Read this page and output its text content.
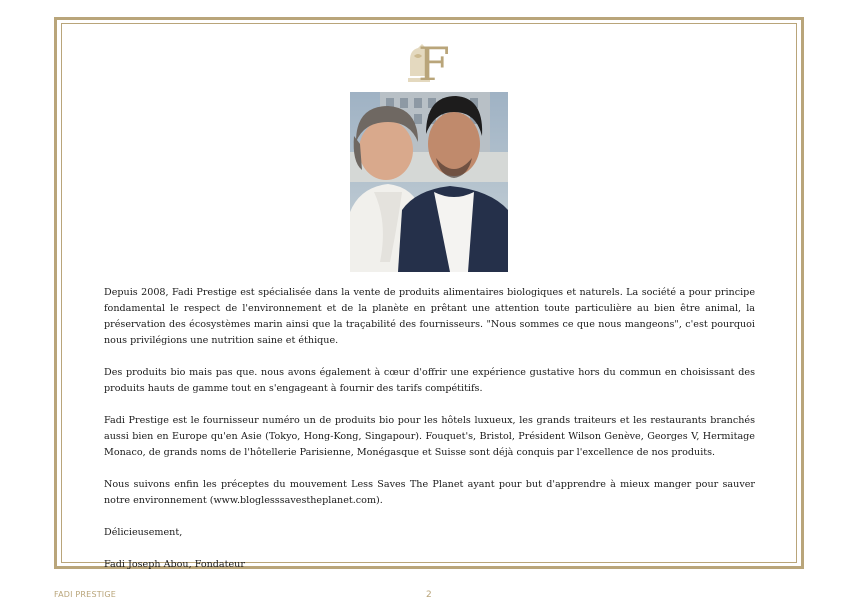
F

Depuis 2008, Fadi Prestige est spécialisée dans la vente de produits alimentaires biologiques et naturels. La société a pour principe fondamental le respect de l'environnement et de la planète en prêtant une attention toute particulière au bien être animal, la préservation des écosystèmes marin ainsi que la traçabilité des fournisseurs. "Nous sommes ce que nous mangeons", c'est pourquoi nous privilégions une nutrition saine et éthique.

Des produits bio mais pas que. nous avons également à cœur d'offrir une expérience gustative hors du commun en choisissant des produits hauts de gamme tout en s'engageant à fournir des tarifs compétitifs.

Fadi Prestige est le fournisseur numéro un de produits bio pour les hôtels luxueux, les grands traiteurs et les restaurants branchés aussi bien en Europe qu'en Asie (Tokyo, Hong-Kong, Singapour). Fouquet's, Bristol, Président Wilson Genève, Georges V, Hermitage Monaco, de grands noms de l'hôtellerie Parisienne, Monégasque et Suisse sont déjà conquis par l'excellence de nos produits.

Nous suivons enfin les préceptes du mouvement Less Saves The Planet ayant pour but d'apprendre à mieux manger pour sauver notre environnement (www.bloglesssavestheplanet.com).

Délicieusement,

Fadi Joseph Abou, Fondateur

FADI PRESTIGE	2
